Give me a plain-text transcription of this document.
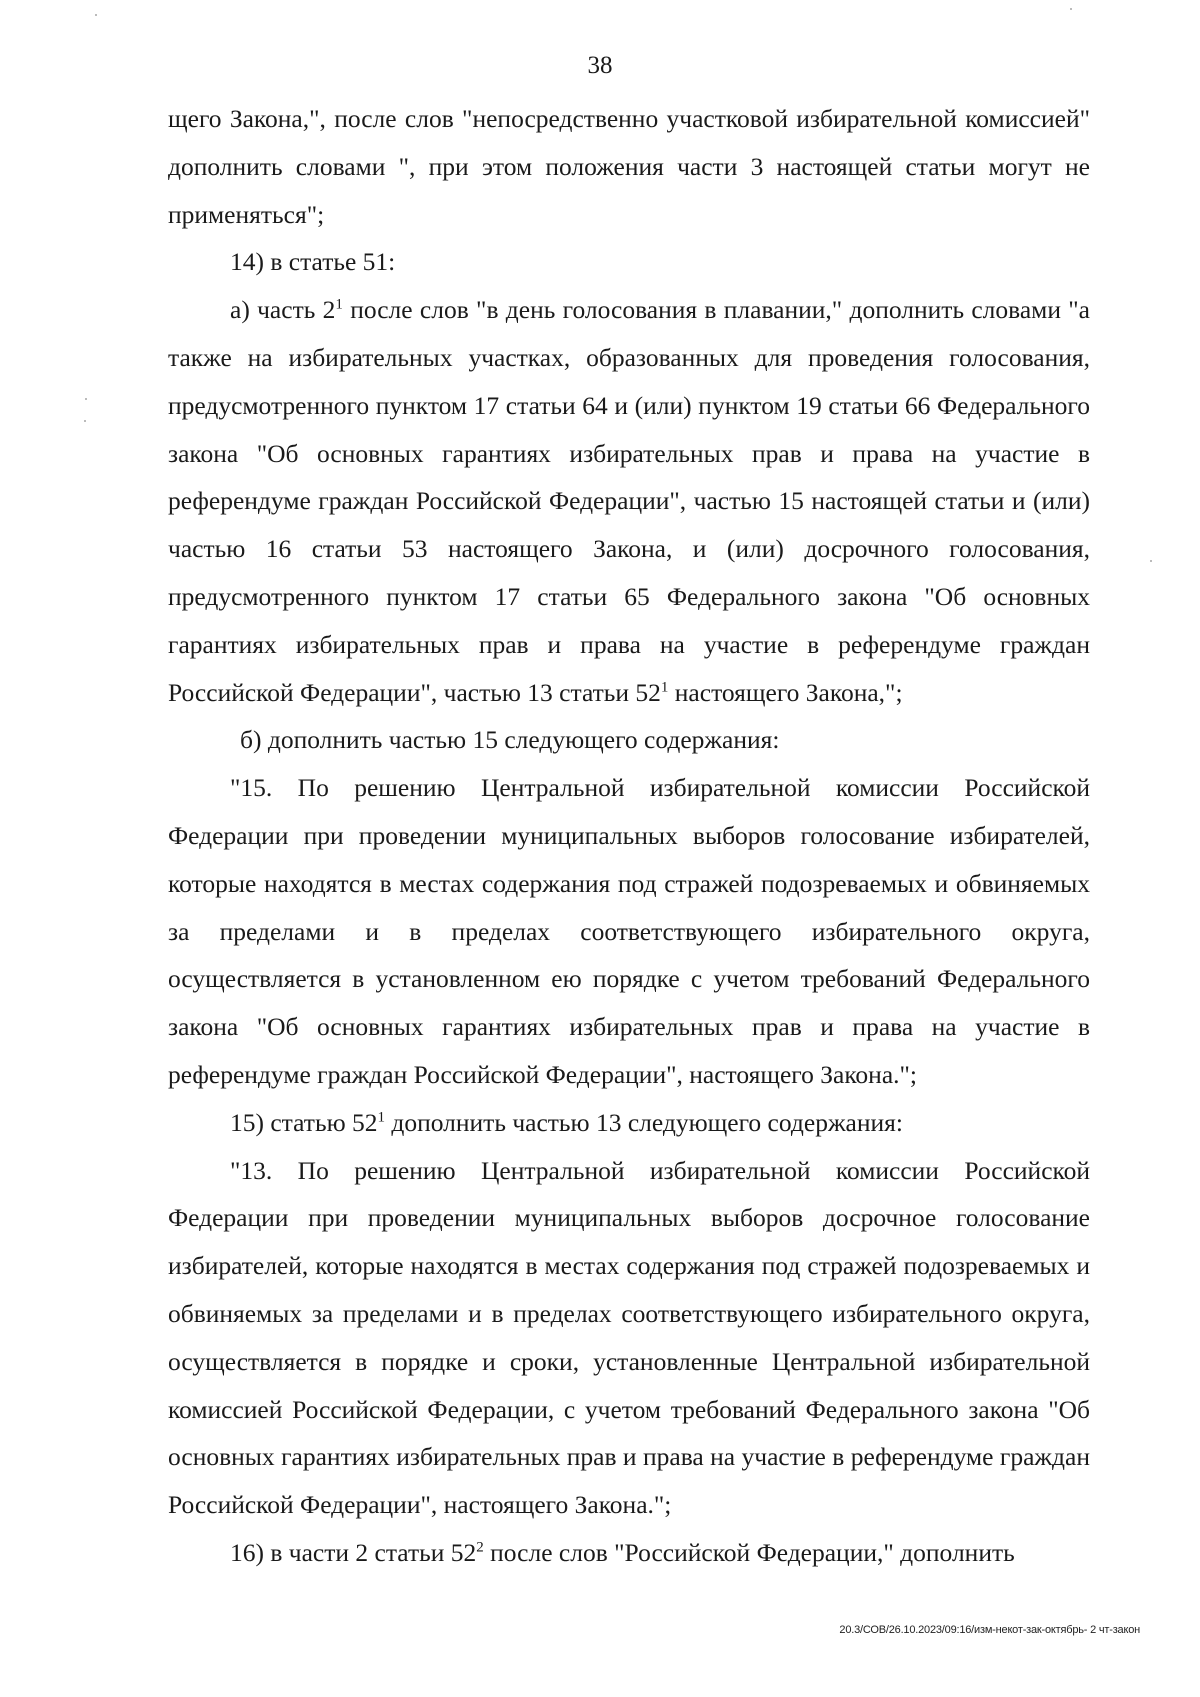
38

щего Закона,", после слов "непосредственно участковой избирательной комиссией" дополнить словами ", при этом положения части 3 настоящей статьи могут не применяться";

14) в статье 51:

а) часть $2^1$ после слов "в день голосования в плавании," дополнить словами "а также на избирательных участках, образованных для проведения голосования, предусмотренного пунктом 17 статьи 64 и (или) пунктом 19 статьи 66 Федерального закона "Об основных гарантиях избирательных прав и права на участие в референдуме граждан Российской Федерации", частью 15 настоящей статьи и (или) частью 16 статьи 53 настоящего Закона, и (или) досрочного голосования, предусмотренного пунктом 17 статьи 65 Федерального закона "Об основных гарантиях избирательных прав и права на участие в референдуме граждан Российской Федерации", частью 13 статьи $52^1$ настоящего Закона,";

б) дополнить частью 15 следующего содержания:

"15. По решению Центральной избирательной комиссии Российской Федерации при проведении муниципальных выборов голосование избирателей, которые находятся в местах содержания под стражей подозреваемых и обвиняемых за пределами и в пределах соответствующего избирательного округа, осуществляется в установленном ею порядке с учетом требований Федерального закона "Об основных гарантиях избирательных прав и права на участие в референдуме граждан Российской Федерации", настоящего Закона.";

15) статью $52^1$ дополнить частью 13 следующего содержания:

"13. По решению Центральной избирательной комиссии Российской Федерации при проведении муниципальных выборов досрочное голосование избирателей, которые находятся в местах содержания под стражей подозреваемых и обвиняемых за пределами и в пределах соответствующего избирательного округа, осуществляется в порядке и сроки, установленные Центральной избирательной комиссией Российской Федерации, с учетом требований Федерального закона "Об основных гарантиях избирательных прав и права на участие в референдуме граждан Российской Федерации", настоящего Закона.";

16) в части 2 статьи $52^2$ после слов "Российской Федерации," дополнить

20.3/СОВ/26.10.2023/09:16/изм-некот-зак-октябрь- 2 чт-закон
